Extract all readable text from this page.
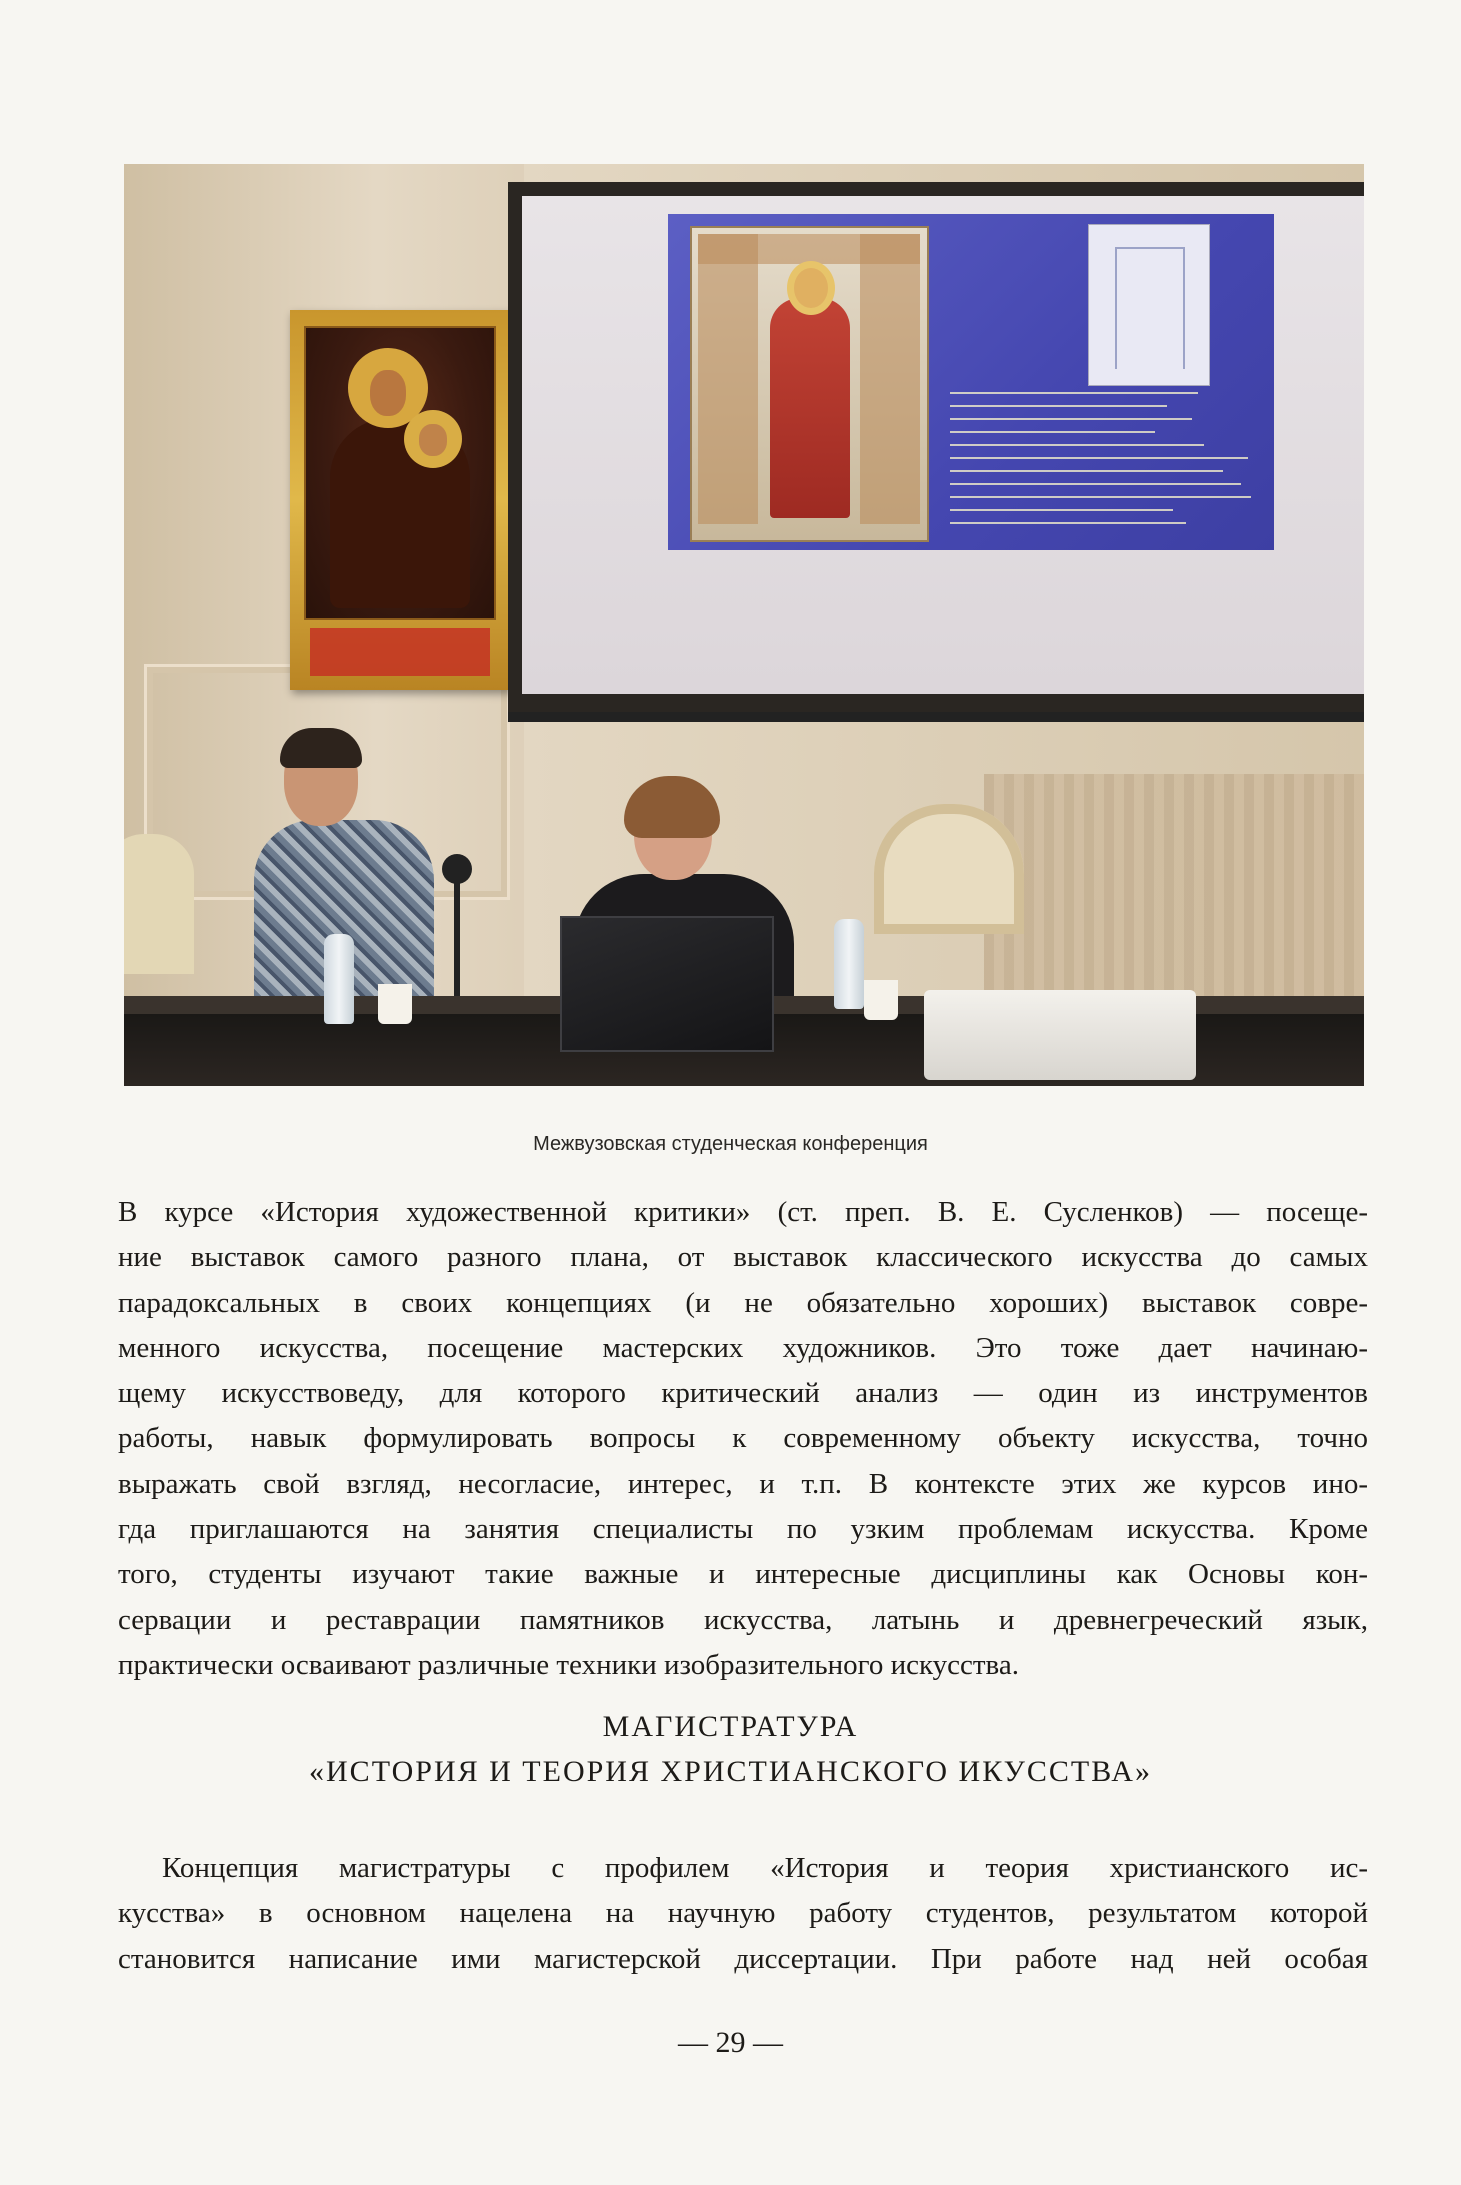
Межвузовская студенческая конференция

В курсе «История художественной критики» (ст. преп. В. Е. Сусленков) — посеще-
ние выставок самого разного плана, от выставок классического искусства до самых
парадоксальных в своих концепциях (и не обязательно хороших) выставок совре-
менного искусства, посещение мастерских художников. Это тоже дает начинаю-
щему искусствоведу, для которого критический анализ — один из инструментов
работы, навык формулировать вопросы к современному объекту искусства, точно
выражать свой взгляд, несогласие, интерес, и т.п. В контексте этих же курсов ино-
гда приглашаются на занятия специалисты по узким проблемам искусства. Кроме
того, студенты изучают такие важные и интересные дисциплины как Основы кон-
сервации и реставрации памятников искусства, латынь и древнегреческий язык,
практически осваивают различные техники изобразительного искусства.

МАГИСТРАТУРА
«ИСТОРИЯ И ТЕОРИЯ ХРИСТИАНСКОГО ИКУССТВА»

Концепция магистратуры с профилем «История и теория христианского ис-
кусства» в основном нацелена на научную работу студентов, результатом которой
становится написание ими магистерской диссертации. При работе над ней особая

— 29 —
